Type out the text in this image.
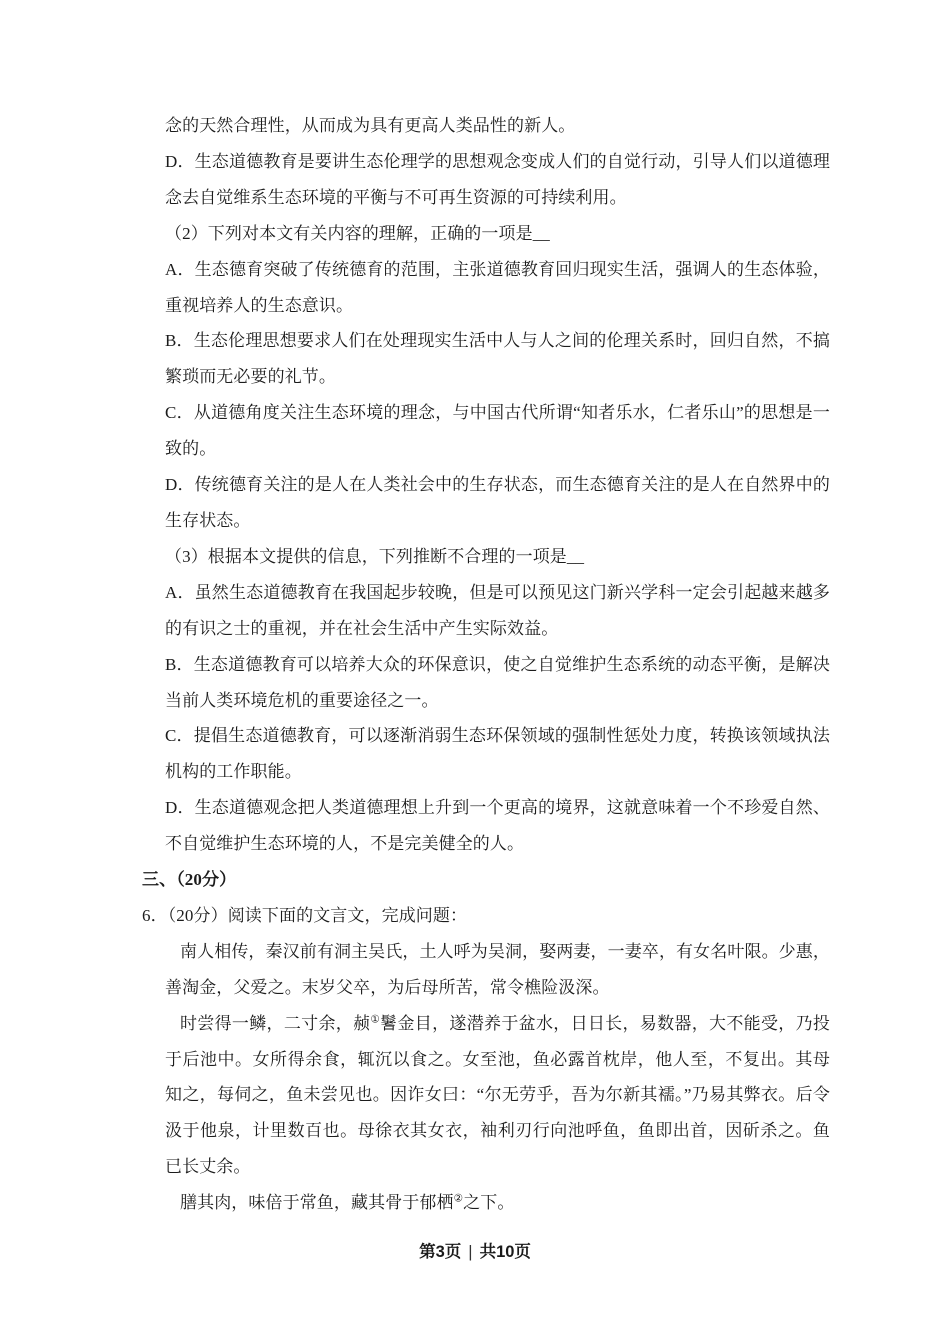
念的天然合理性，从而成为具有更高人类品性的新人。

D．生态道德教育是要讲生态伦理学的思想观念变成人们的自觉行动，引导人们以道德理念去自觉维系生态环境的平衡与不可再生资源的可持续利用。

（2）下列对本文有关内容的理解，正确的一项是__

A．生态德育突破了传统德育的范围，主张道德教育回归现实生活，强调人的生态体验，重视培养人的生态意识。

B．生态伦理思想要求人们在处理现实生活中人与人之间的伦理关系时，回归自然，不搞繁琐而无必要的礼节。

C．从道德角度关注生态环境的理念，与中国古代所谓“知者乐水，仁者乐山”的思想是一致的。

D．传统德育关注的是人在人类社会中的生存状态，而生态德育关注的是人在自然界中的生存状态。

（3）根据本文提供的信息，下列推断不合理的一项是__

A．虽然生态道德教育在我国起步较晚，但是可以预见这门新兴学科一定会引起越来越多的有识之士的重视，并在社会生活中产生实际效益。

B．生态道德教育可以培养大众的环保意识，使之自觉维护生态系统的动态平衡，是解决当前人类环境危机的重要途径之一。

C．提倡生态道德教育，可以逐渐消弱生态环保领域的强制性惩处力度，转换该领域执法机构的工作职能。

D．生态道德观念把人类道德理想上升到一个更高的境界，这就意味着一个不珍爱自然、不自觉维护生态环境的人，不是完美健全的人。

三、（20分）

6．（20分）阅读下面的文言文，完成问题：

南人相传，秦汉前有洞主吴氏，土人呼为吴洞，娶两妻，一妻卒，有女名叶限。少惠，善淘金，父爱之。末岁父卒，为后母所苦，常令樵险汲深。

时尝得一鳞，二寸余，赪①鬐金目，遂潜养于盆水，日日长，易数器，大不能受，乃投于后池中。女所得余食，辄沉以食之。女至池，鱼必露首枕岸，他人至，不复出。其母知之，每伺之，鱼未尝见也。因诈女曰：“尔无劳乎，吾为尔新其襦。”乃易其弊衣。后令汲于他泉，计里数百也。母徐衣其女衣，袖利刃行向池呼鱼，鱼即出首，因斫杀之。鱼已长丈余。

膳其肉，味倍于常鱼，藏其骨于郁栖②之下。

第3页 | 共10页
